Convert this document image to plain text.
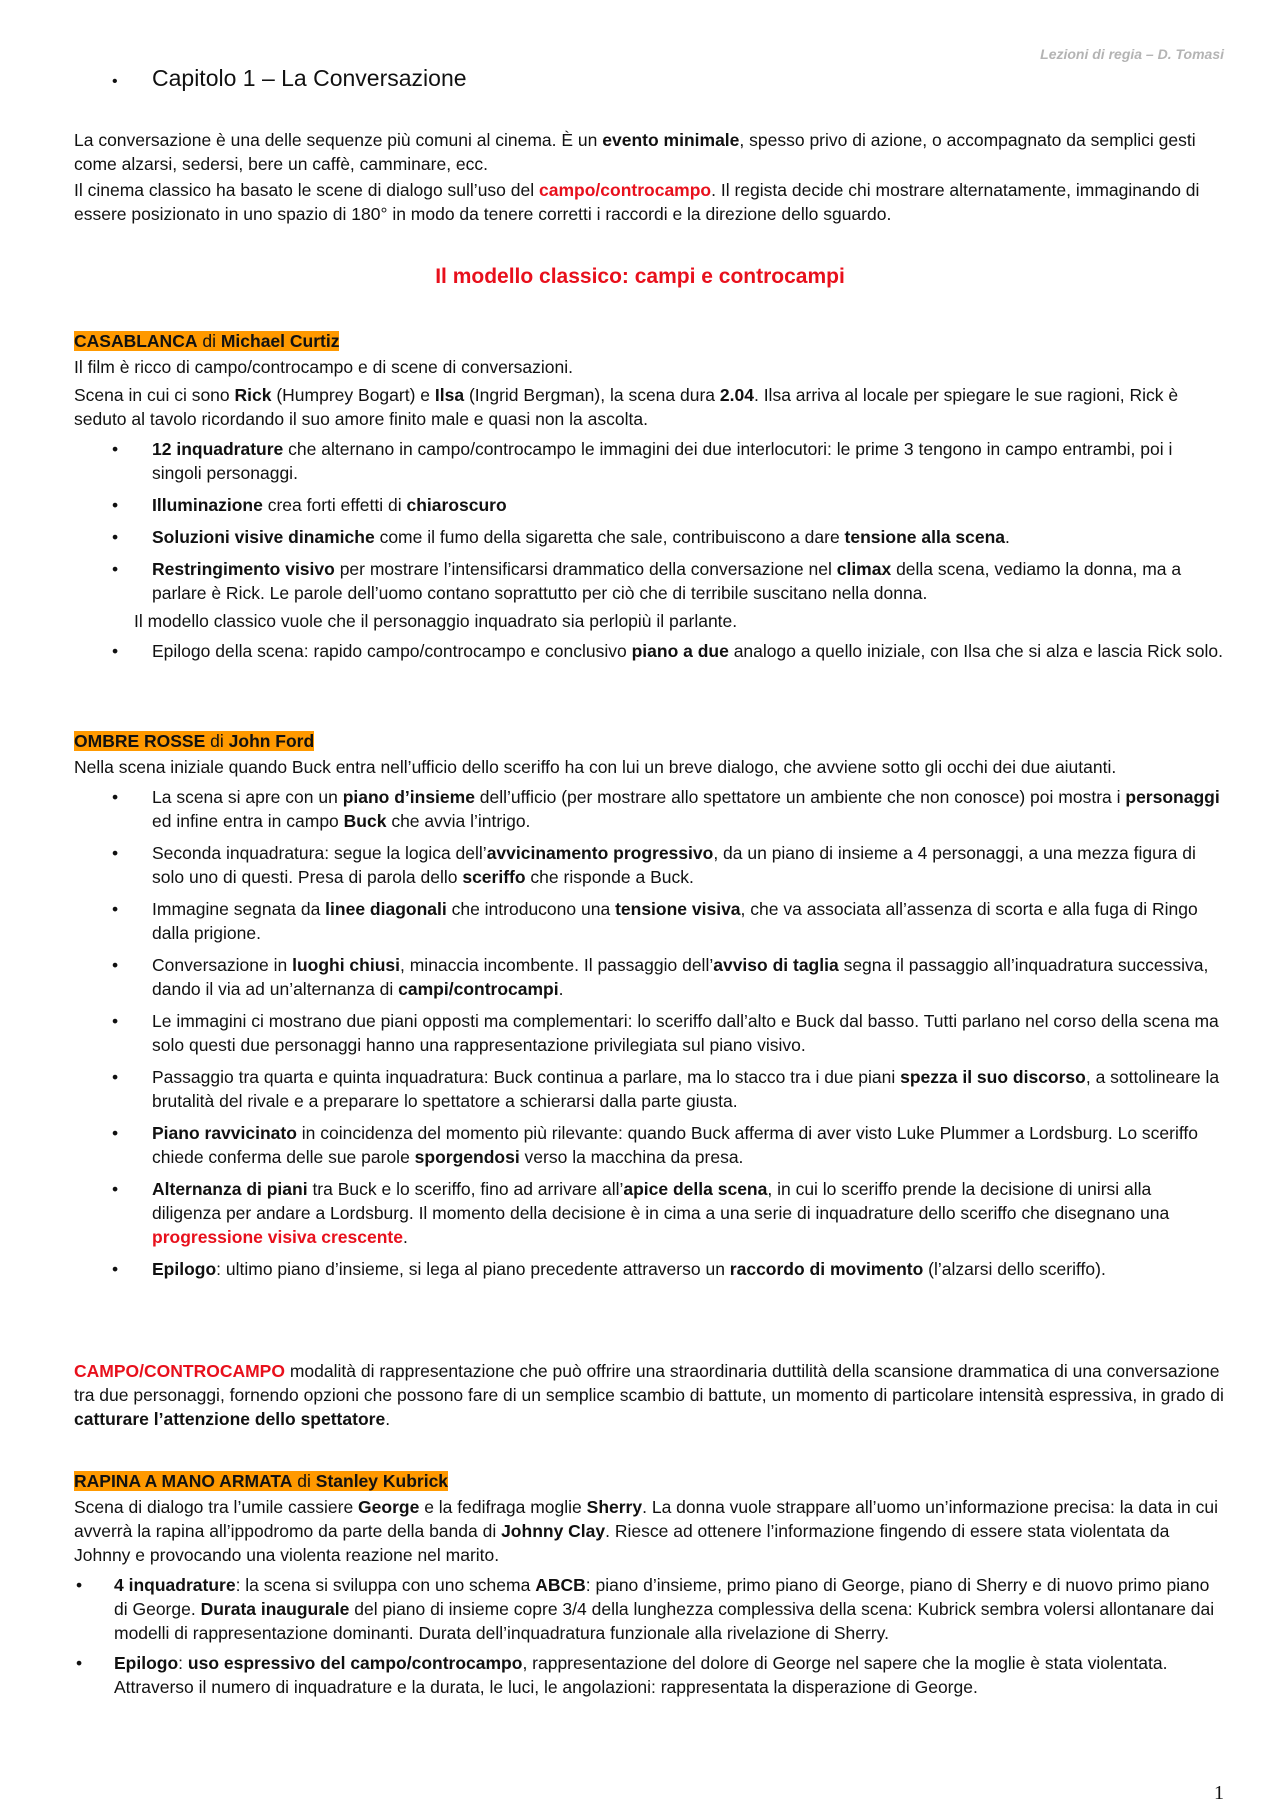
Lezioni di regia – D. Tomasi
• Capitolo 1 – La Conversazione

La conversazione è una delle sequenze più comuni al cinema. È un evento minimale, spesso privo di azione, o accompagnato da semplici gesti come alzarsi, sedersi, bere un caffè, camminare, ecc.

Il cinema classico ha basato le scene di dialogo sull’uso del campo/controcampo. Il regista decide chi mostrare alternatamente, immaginando di essere posizionato in uno spazio di 180° in modo da tenere corretti i raccordi e la direzione dello sguardo.

Il modello classico: campi e controcampi

CASABLANCA di Michael Curtiz

Il film è ricco di campo/controcampo e di scene di conversazioni.

Scena in cui ci sono Rick (Humprey Bogart) e Ilsa (Ingrid Bergman), la scena dura 2.04. Ilsa arriva al locale per spiegare le sue ragioni, Rick è seduto al tavolo ricordando il suo amore finito male e quasi non la ascolta.

• 12 inquadrature che alternano in campo/controcampo le immagini dei due interlocutori: le prime 3 tengono in campo entrambi, poi i singoli personaggi.
• Illuminazione crea forti effetti di chiaroscuro
• Soluzioni visive dinamiche come il fumo della sigaretta che sale, contribuiscono a dare tensione alla scena.
• Restringimento visivo per mostrare l’intensificarsi drammatico della conversazione nel climax della scena, vediamo la donna, ma a parlare è Rick. Le parole dell’uomo contano soprattutto per ciò che di terribile suscitano nella donna.

Il modello classico vuole che il personaggio inquadrato sia perlopiù il parlante.

• Epilogo della scena: rapido campo/controcampo e conclusivo piano a due analogo a quello iniziale, con Ilsa che si alza e lascia Rick solo.

OMBRE ROSSE di John Ford

Nella scena iniziale quando Buck entra nell’ufficio dello sceriffo ha con lui un breve dialogo, che avviene sotto gli occhi dei due aiutanti.

• La scena si apre con un piano d’insieme dell’ufficio (per mostrare allo spettatore un ambiente che non conosce) poi mostra i personaggi ed infine entra in campo Buck che avvia l’intrigo.
• Seconda inquadratura: segue la logica dell’avvicinamento progressivo, da un piano di insieme a 4 personaggi, a una mezza figura di solo uno di questi. Presa di parola dello sceriffo che risponde a Buck.
• Immagine segnata da linee diagonali che introducono una tensione visiva, che va associata all’assenza di scorta e alla fuga di Ringo dalla prigione.
• Conversazione in luoghi chiusi, minaccia incombente. Il passaggio dell’avviso di taglia segna il passaggio all’inquadratura successiva, dando il via ad un’alternanza di campi/controcampi.
• Le immagini ci mostrano due piani opposti ma complementari: lo sceriffo dall’alto e Buck dal basso. Tutti parlano nel corso della scena ma solo questi due personaggi hanno una rappresentazione privilegiata sul piano visivo.
• Passaggio tra quarta e quinta inquadratura: Buck continua a parlare, ma lo stacco tra i due piani spezza il suo discorso, a sottolineare la brutalità del rivale e a preparare lo spettatore a schierarsi dalla parte giusta.
• Piano ravvicinato in coincidenza del momento più rilevante: quando Buck afferma di aver visto Luke Plummer a Lordsburg. Lo sceriffo chiede conferma delle sue parole sporgendosi verso la macchina da presa.
• Alternanza di piani tra Buck e lo sceriffo, fino ad arrivare all’apice della scena, in cui lo sceriffo prende la decisione di unirsi alla diligenza per andare a Lordsburg. Il momento della decisione è in cima a una serie di inquadrature dello sceriffo che disegnano una progressione visiva crescente.
• Epilogo: ultimo piano d’insieme, si lega al piano precedente attraverso un raccordo di movimento (l’alzarsi dello sceriffo).

CAMPO/CONTROCAMPO modalità di rappresentazione che può offrire una straordinaria duttilità della scansione drammatica di una conversazione tra due personaggi, fornendo opzioni che possono fare di un semplice scambio di battute, un momento di particolare intensità espressiva, in grado di catturare l’attenzione dello spettatore.

RAPINA A MANO ARMATA di Stanley Kubrick

Scena di dialogo tra l’umile cassiere George e la fedifraga moglie Sherry. La donna vuole strappare all’uomo un’informazione precisa: la data in cui avverrà la rapina all’ippodromo da parte della banda di Johnny Clay. Riesce ad ottenere l’informazione fingendo di essere stata violentata da Johnny e provocando una violenta reazione nel marito.

• 4 inquadrature: la scena si sviluppa con uno schema ABCB: piano d’insieme, primo piano di George, piano di Sherry e di nuovo primo piano di George. Durata inaugurale del piano di insieme copre 3/4 della lunghezza complessiva della scena: Kubrick sembra volersi allontanare dai modelli di rappresentazione dominanti. Durata dell’inquadratura funzionale alla rivelazione di Sherry.
• Epilogo: uso espressivo del campo/controcampo, rappresentazione del dolore di George nel sapere che la moglie è stata violentata. Attraverso il numero di inquadrature e la durata, le luci, le angolazioni: rappresentata la disperazione di George.
1
